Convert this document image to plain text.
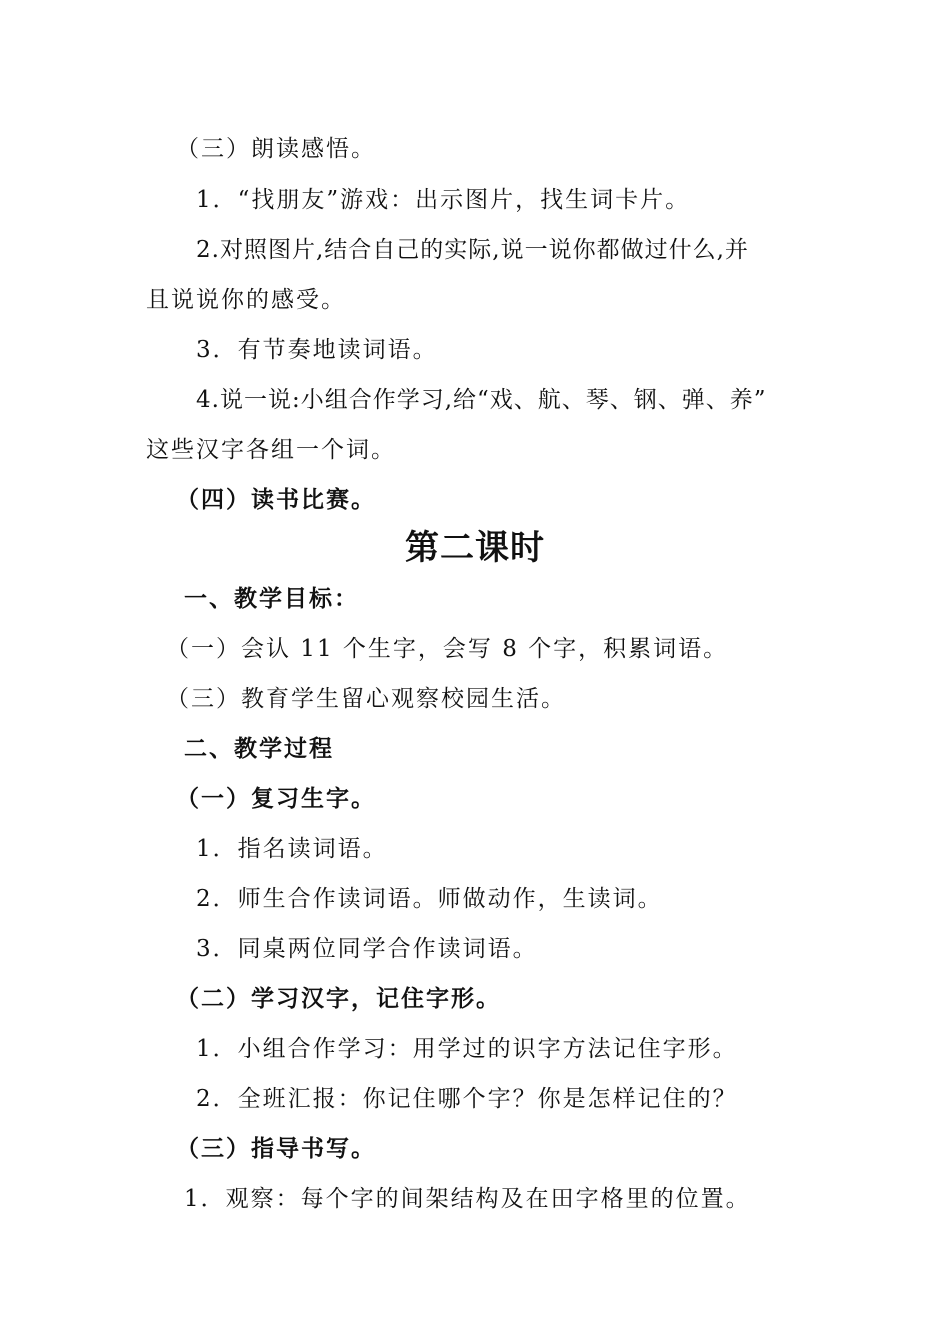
（三）朗读感悟。
1．“找朋友”游戏：出示图片，找生词卡片。
2.对照图片,结合自己的实际,说一说你都做过什么,并
且说说你的感受。
3．有节奏地读词语。
4.说一说:小组合作学习,给“戏、航、琴、钢、弹、养”
这些汉字各组一个词。
（四）读书比赛。
第二课时
一、教学目标：
（一）会认 11 个生字，会写 8 个字，积累词语。
（三）教育学生留心观察校园生活。
二、教学过程
（一）复习生字。
1．指名读词语。
2．师生合作读词语。师做动作，生读词。
3．同桌两位同学合作读词语。
（二）学习汉字，记住字形。
1．小组合作学习：用学过的识字方法记住字形。
2．全班汇报：你记住哪个字？你是怎样记住的？
（三）指导书写。
1．观察：每个字的间架结构及在田字格里的位置。
